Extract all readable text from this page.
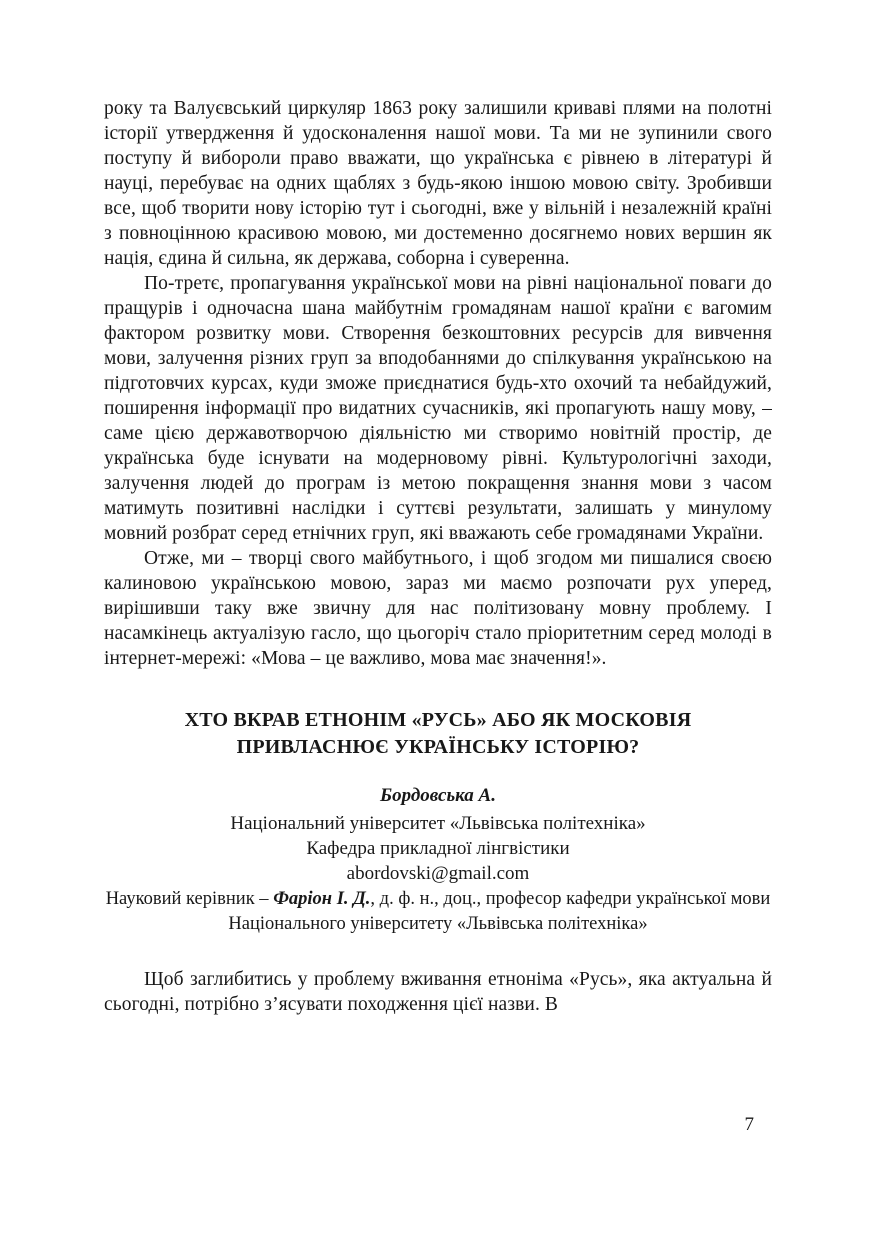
року та Валуєвський циркуляр 1863 року залишили криваві плями на полотні історії утвердження й удосконалення нашої мови. Та ми не зупинили свого поступу й вибороли право вважати, що українська є рівнею в літературі й науці, перебуває на одних щаблях з будь-якою іншою мовою світу. Зробивши все, щоб творити нову історію тут і сьогодні, вже у вільній і незалежній країні з повноцінною красивою мовою, ми достеменно досягнемо нових вершин як нація, єдина й сильна, як держава, соборна і суверенна.

По-третє, пропагування української мови на рівні національної поваги до пращурів і одночасна шана майбутнім громадянам нашої країни є вагомим фактором розвитку мови. Створення безкоштовних ресурсів для вивчення мови, залучення різних груп за вподобаннями до спілкування українською на підготовчих курсах, куди зможе приєднатися будь-хто охочий та небайдужий, поширення інформації про видатних сучасників, які пропагують нашу мову, – саме цією державотворчою діяльністю ми створимо новітній простір, де українська буде існувати на модерновому рівні. Культурологічні заходи, залучення людей до програм із метою покращення знання мови з часом матимуть позитивні наслідки і суттєві результати, залишать у минулому мовний розбрат серед етнічних груп, які вважають себе громадянами України.

Отже, ми – творці свого майбутнього, і щоб згодом ми пишалися своєю калиновою українською мовою, зараз ми маємо розпочати рух уперед, вирішивши таку вже звичну для нас політизовану мовну проблему. І насамкінець актуалізую гасло, що цьогоріч стало пріоритетним серед молоді в інтернет-мережі: «Мова – це важливо, мова має значення!».

ХТО ВКРАВ ЕТНОНІМ «РУСЬ» АБО ЯК МОСКОВІЯ
ПРИВЛАСНЮЄ УКРАЇНСЬКУ ІСТОРІЮ?
Бордовська А.
Національний університет «Львівська політехніка»
Кафедра прикладної лінгвістики
abordovski@gmail.com
Науковий керівник – Фаріон І. Д., д. ф. н., доц., професор кафедри української мови Національного університету «Львівська політехніка»

Щоб заглибитись у проблему вживання етноніма «Русь», яка актуальна й сьогодні, потрібно з’ясувати походження цієї назви. В

7
